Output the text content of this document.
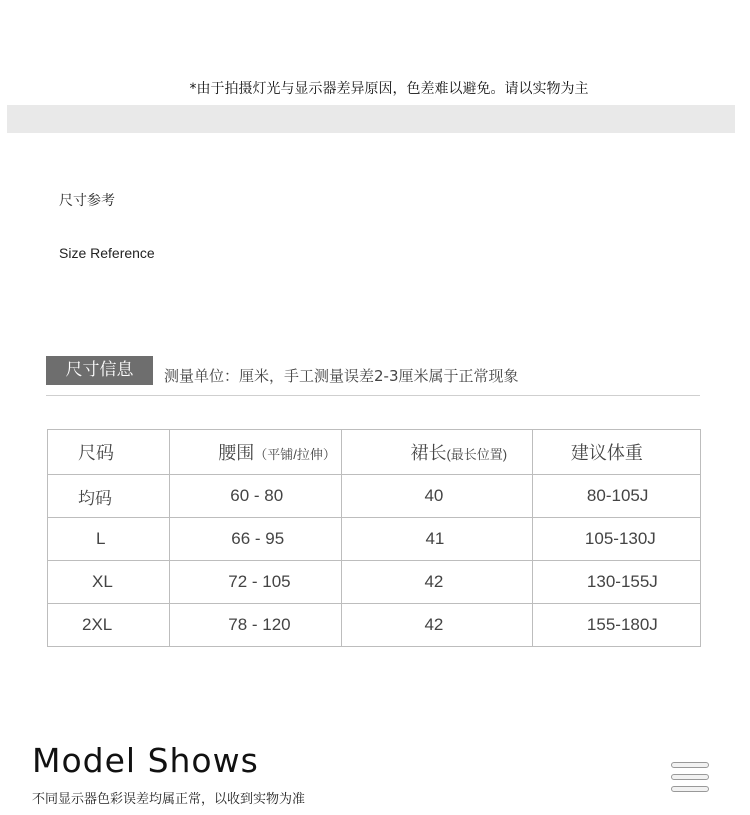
*由于拍摄灯光与显示器差异原因，色差难以避免。请以实物为主
尺寸参考
Size Reference
尺寸信息	测量单位：厘米，手工测量误差2-3厘米属于正常现象
尺码	腰围（平铺/拉伸）	裙长(最长位置)	建议体重
均码	60 - 80	40	80-105J
L	66 - 95	41	105-130J
XL	72 - 105	42	130-155J
2XL	78 - 120	42	155-180J
Model Shows
不同显示器色彩误差均属正常，以收到实物为准
